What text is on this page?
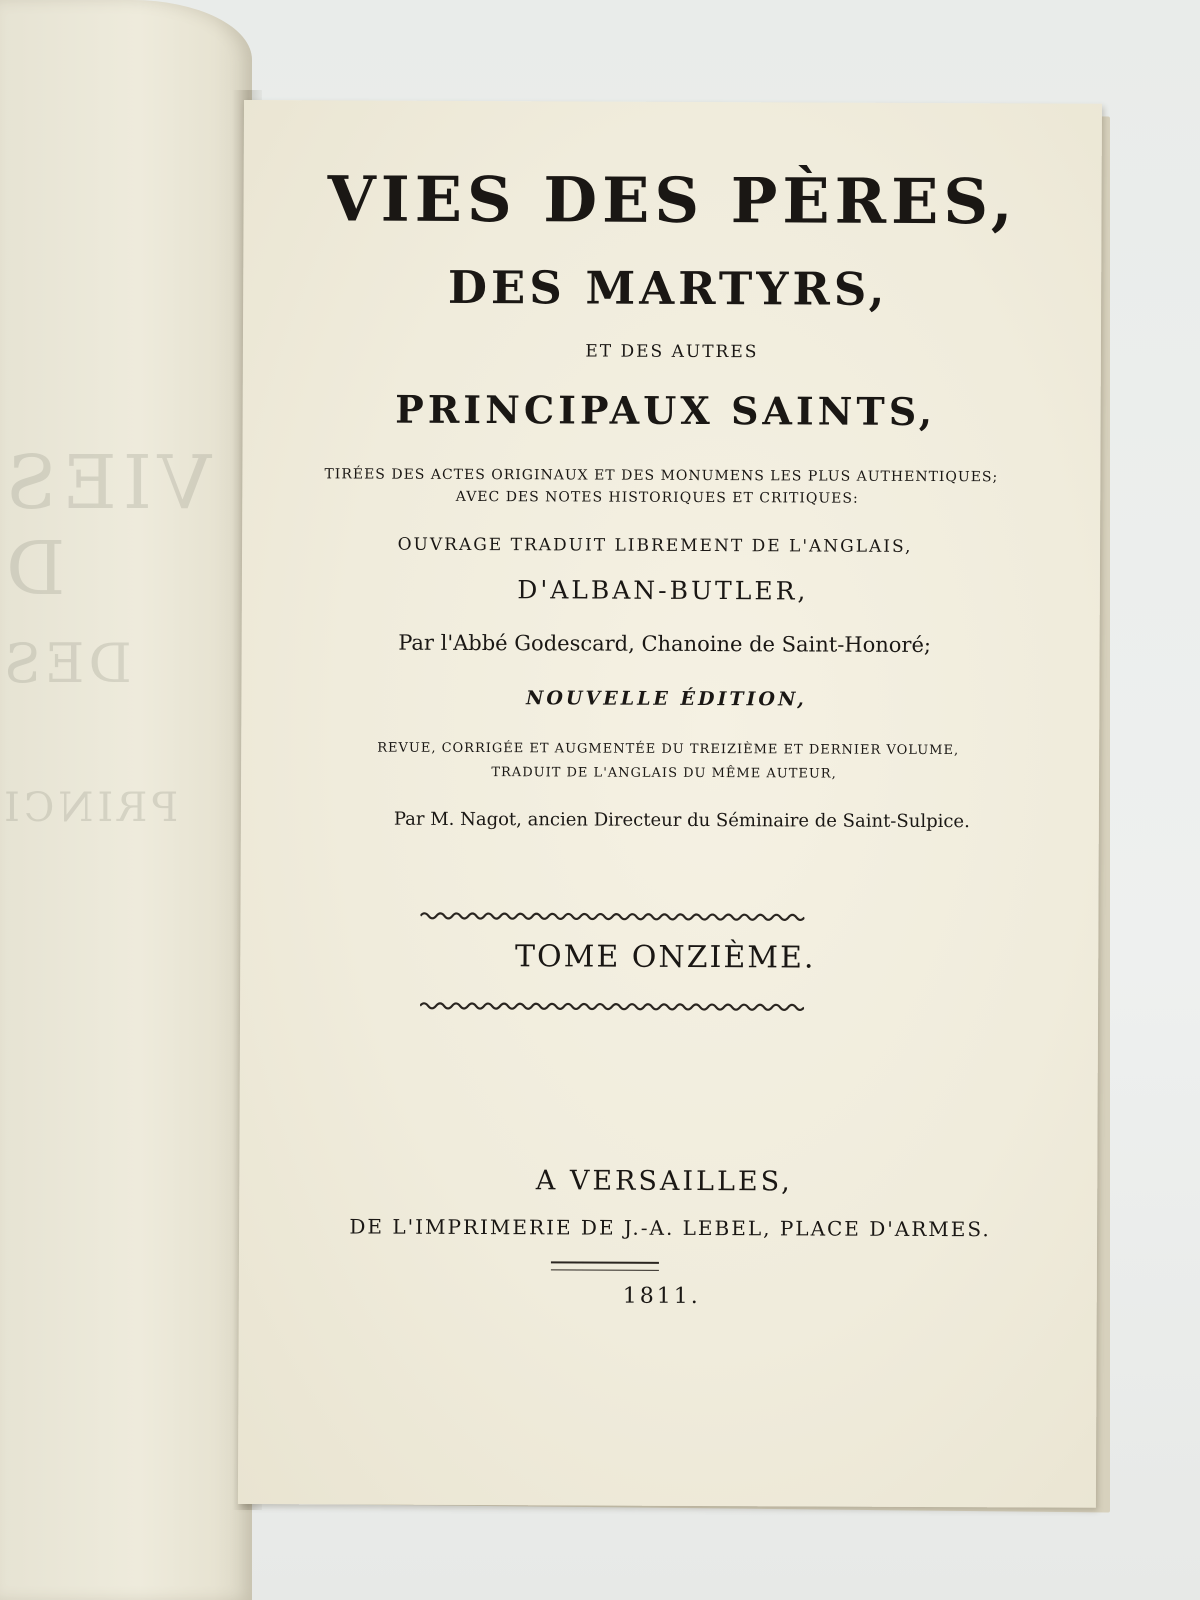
VIES D
DES
PRINCI
VIES DES PÈRES,
DES MARTYRS,
ET DES AUTRES
PRINCIPAUX SAINTS,
TIRÉES DES ACTES ORIGINAUX ET DES MONUMENS LES PLUS AUTHENTIQUES;
AVEC DES NOTES HISTORIQUES ET CRITIQUES:
OUVRAGE TRADUIT LIBREMENT DE L'ANGLAIS,
D'ALBAN-BUTLER,
Par l'Abbé Godescard, Chanoine de Saint-Honoré;
NOUVELLE ÉDITION,
REVUE, CORRIGÉE ET AUGMENTÉE DU TREIZIÈME ET DERNIER VOLUME,
TRADUIT DE L'ANGLAIS DU MÊME AUTEUR,
Par M. Nagot, ancien Directeur du Séminaire de Saint-Sulpice.
TOME ONZIÈME.
A VERSAILLES,
DE L'IMPRIMERIE DE J.-A. LEBEL, PLACE D'ARMES.
1811.
